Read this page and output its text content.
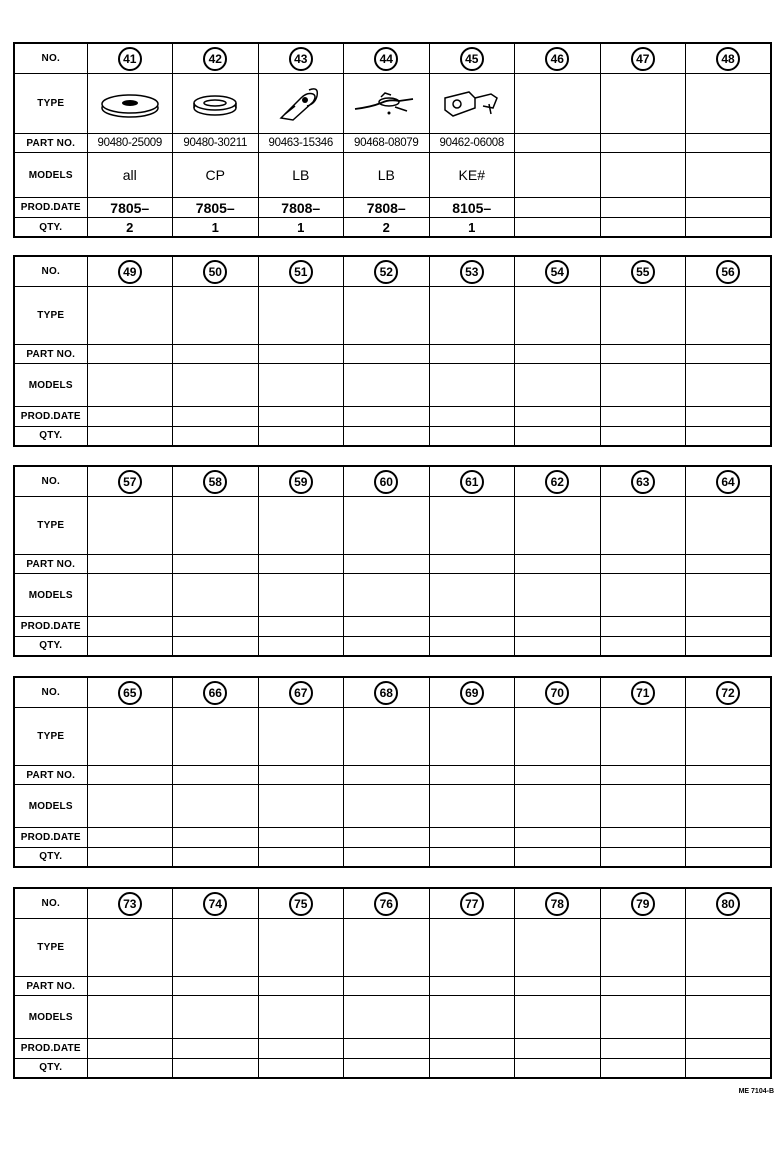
NO.	41	42	43	44	45	46	47	48
TYPE	

PART NO.	90480-25009	90480-30211	90463-15346	90468-08079	90462-06008			
MODELS	all	CP	LB	LB	KE#			
PROD.DATE	7805–	7805–	7808–	7808–	8105–			
QTY.	2	1	1	2	1			
NO.	49	50	51	52	53	54	55	56
TYPE								
PART NO.								
MODELS								
PROD.DATE								
QTY.								
NO.	57	58	59	60	61	62	63	64
TYPE								
PART NO.								
MODELS								
PROD.DATE								
QTY.								
NO.	65	66	67	68	69	70	71	72
TYPE								
PART NO.								
MODELS								
PROD.DATE								
QTY.								
NO.	73	74	75	76	77	78	79	80
TYPE								
PART NO.								
MODELS								
PROD.DATE								
QTY.								
ME 7104-B
